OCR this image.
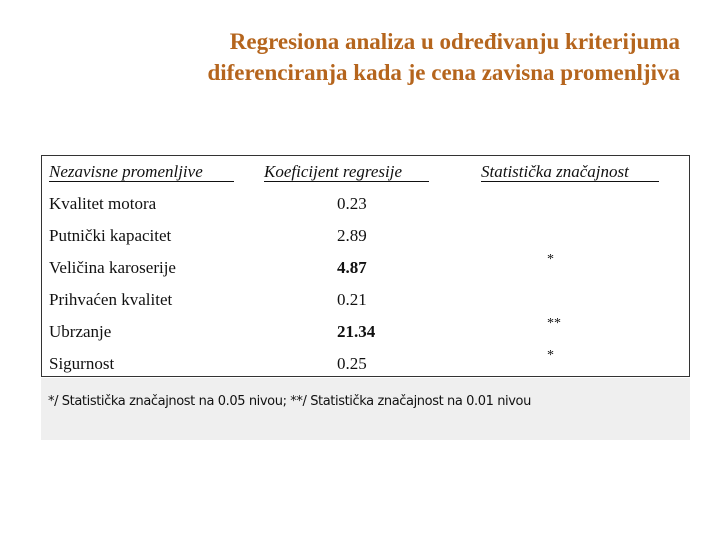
Regresiona analiza u određivanju kriterijuma
diferenciranja kada je cena zavisna promenljiva
Nezavisne promenljive	Koeficijent regresije	Statistička značajnost
Kvalitet motora	0.23
Putnički kapacitet	2.89
Veličina karoserije	4.87	*
Prihvaćen kvalitet	0.21
Ubrzanje	21.34	**
Sigurnost	0.25	*
*/ Statistička značajnost na 0.05 nivou; **/ Statistička značajnost na 0.01 nivou
